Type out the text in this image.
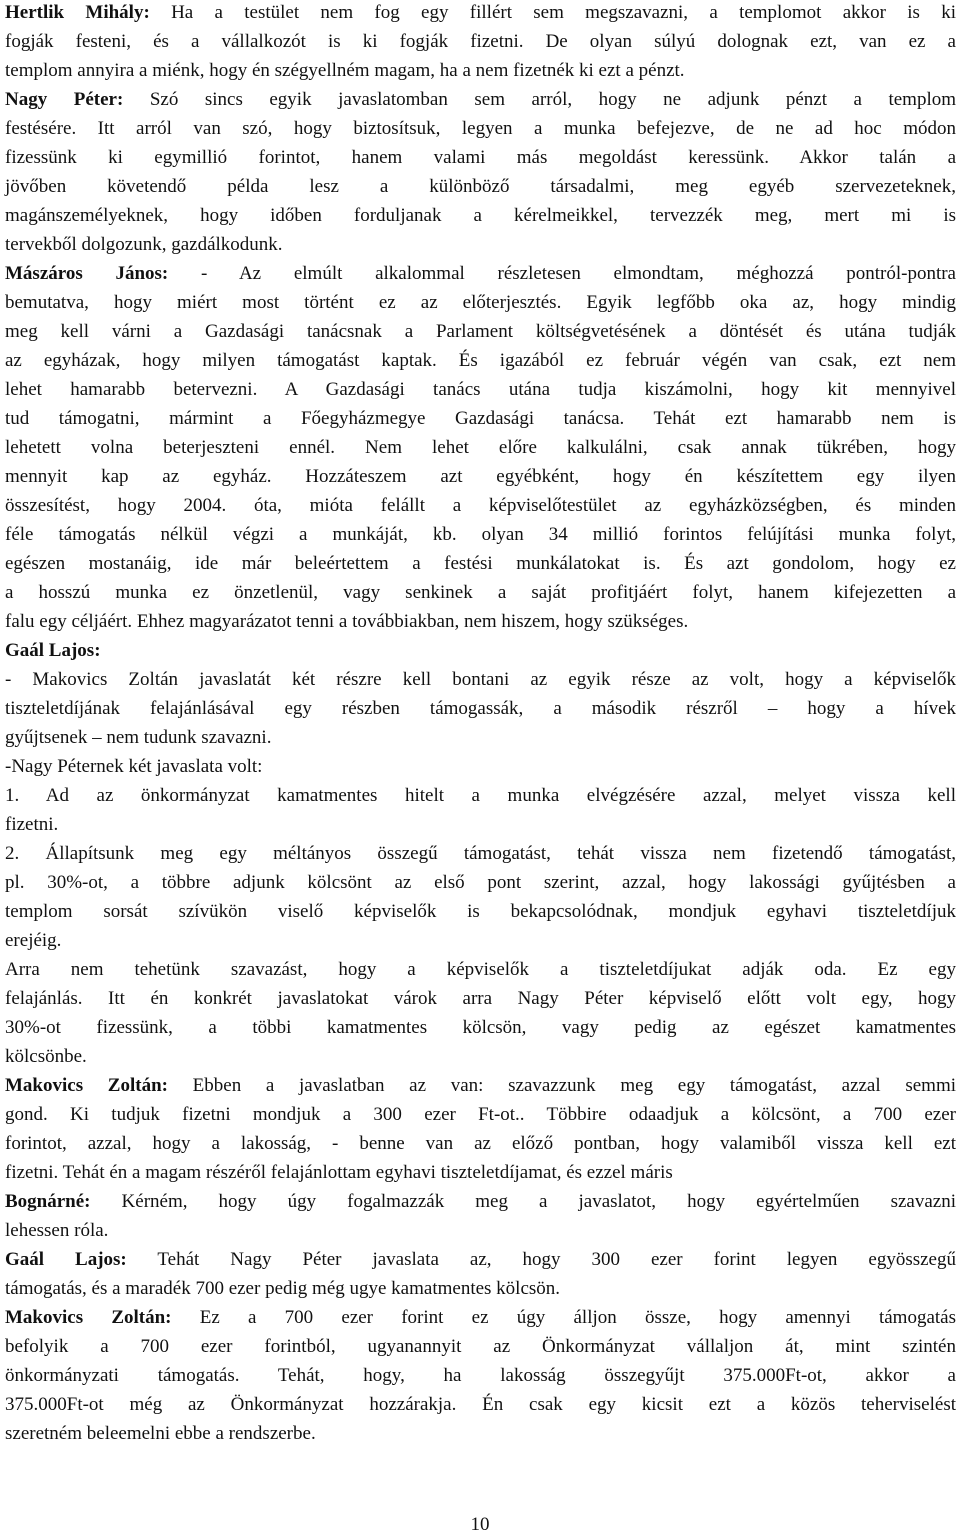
Hertlik Mihály: Ha a testület nem fog egy fillért sem megszavazni, a templomot akkor is ki
fogják festeni, és a vállalkozót is ki fogják fizetni. De olyan súlyú dolognak ezt, van ez a
templom annyira a miénk, hogy én szégyellném magam, ha a nem fizetnék ki ezt a pénzt.
Nagy Péter: Szó sincs egyik javaslatomban sem arról, hogy ne adjunk pénzt a templom
festésére. Itt arról van szó, hogy biztosítsuk, legyen a munka befejezve, de ne ad hoc módon
fizessünk ki egymillió forintot, hanem valami más megoldást keressünk. Akkor talán a
jövőben követendő példa lesz a különböző társadalmi, meg egyéb szervezeteknek,
magánszemélyeknek, hogy időben forduljanak a kérelmeikkel, tervezzék meg, mert mi is
tervekből dolgozunk, gazdálkodunk.
Mászáros János: - Az elmúlt alkalommal részletesen elmondtam, méghozzá pontról-pontra
bemutatva, hogy miért most történt ez az előterjesztés. Egyik legfőbb oka az, hogy mindig
meg kell várni a Gazdasági tanácsnak a Parlament költségvetésének a döntését és utána tudják
az egyházak, hogy milyen támogatást kaptak. És igazából ez február végén van csak, ezt nem
lehet hamarabb betervezni. A Gazdasági tanács utána tudja kiszámolni, hogy kit mennyivel
tud támogatni, mármint a Főegyházmegye Gazdasági tanácsa. Tehát ezt hamarabb nem is
lehetett volna beterjeszteni ennél. Nem lehet előre kalkulálni, csak annak tükrében, hogy
mennyit kap az egyház. Hozzáteszem azt egyébként, hogy én készítettem egy ilyen
összesítést, hogy 2004. óta, mióta felállt a képviselőtestület az egyházközségben, és minden
féle támogatás nélkül végzi a munkáját, kb. olyan 34 millió forintos felújítási munka folyt,
egészen mostanáig, ide már beleértettem a festési munkálatokat is. És azt gondolom, hogy ez
a hosszú munka ez önzetlenül, vagy senkinek a saját profitjáért folyt, hanem kifejezetten a
falu egy céljáért. Ehhez magyarázatot tenni a továbbiakban, nem hiszem, hogy szükséges.
Gaál Lajos:
- Makovics Zoltán javaslatát két részre kell bontani az egyik része az volt, hogy a képviselők
tiszteletdíjának felajánlásával egy részben támogassák, a második részről – hogy a hívek
gyűjtsenek – nem tudunk szavazni.
-Nagy Péternek két javaslata volt:
1. Ad az önkormányzat kamatmentes hitelt a munka elvégzésére azzal, melyet vissza kell
fizetni.
2. Állapítsunk meg egy méltányos összegű támogatást, tehát vissza nem fizetendő támogatást,
pl. 30%-ot, a többre adjunk kölcsönt az első pont szerint, azzal, hogy lakossági gyűjtésben a
templom sorsát szívükön viselő képviselők is bekapcsolódnak, mondjuk egyhavi tiszteletdíjuk
erejéig.
Arra nem tehetünk szavazást, hogy a képviselők a tiszteletdíjukat adják oda. Ez egy
felajánlás. Itt én konkrét javaslatokat várok arra Nagy Péter képviselő előtt volt egy, hogy
30%-ot fizessünk, a többi kamatmentes kölcsön, vagy pedig az egészet kamatmentes
kölcsönbe.
Makovics Zoltán: Ebben a javaslatban az van: szavazzunk meg egy támogatást, azzal semmi
gond. Ki tudjuk fizetni mondjuk a 300 ezer Ft-ot.. Többire odaadjuk a kölcsönt, a 700 ezer
forintot, azzal, hogy a lakosság, - benne van az előző pontban, hogy valamiből vissza kell ezt
fizetni. Tehát én a magam részéről felajánlottam egyhavi tiszteletdíjamat, és ezzel máris
Bognárné: Kérném, hogy úgy fogalmazzák meg a javaslatot, hogy egyértelműen szavazni
lehessen róla.
Gaál Lajos: Tehát Nagy Péter javaslata az, hogy 300 ezer forint legyen egyösszegű
támogatás, és a maradék 700 ezer pedig még ugye kamatmentes kölcsön.
Makovics Zoltán: Ez a 700 ezer forint ez úgy álljon össze, hogy amennyi támogatás
befolyik a 700 ezer forintból, ugyanannyit az Önkormányzat vállaljon át, mint szintén
önkormányzati támogatás. Tehát, hogy, ha lakosság összegyűjt 375.000Ft-ot, akkor a
375.000Ft-ot még az Önkormányzat hozzárakja. Én csak egy kicsit ezt a közös teherviselést
szeretném beleemelni ebbe a rendszerbe.
10
